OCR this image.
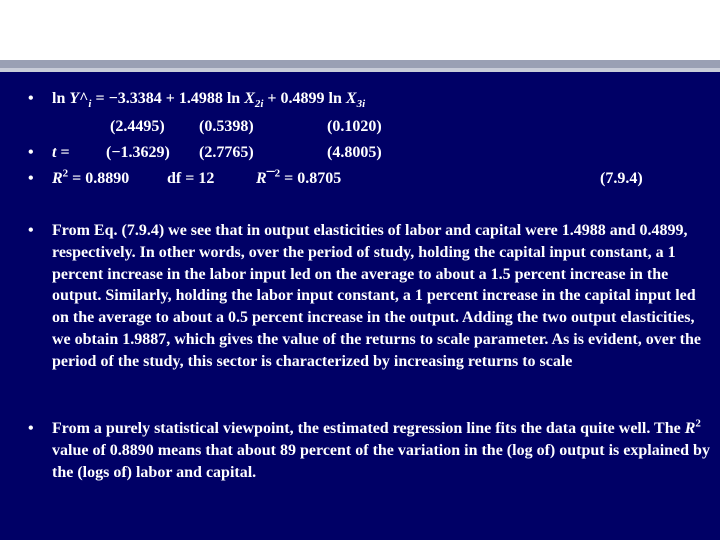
• $\ln Y\^{}_i = -3.3384 + 1.4988$ $\ln X_{2i} + 0.4899$ $\ln X_{3i}$
(2.4495) (0.5398)	(0.1020)
• t = (−1.3629) (2.7765)	(4.8005)
• $R^2 = 0.8890$ df = 12	R¯$^2$ = 0.8705	(7.9.4)
• From Eq. (7.9.4) we see that in output elasticities of labor and capital were 1.4988 and 0.4899, respectively. In other words, over the period of study, holding the capital input constant, a 1 percent increase in the labor input led on the average to about a 1.5 percent increase in the output. Similarly, holding the labor input constant, a 1 percent increase in the capital input led on the average to about a 0.5 percent increase in the output. Adding the two output elasticities, we obtain 1.9887, which gives the value of the returns to scale parameter. As is evident, over the period of the study, this sector is characterized by increasing returns to scale
• From a purely statistical viewpoint, the estimated regression line fits the data quite well. The $R^2$ value of 0.8890 means that about 89 percent of the variation in the (log of) output is explained by the (logs of) labor and capital.
